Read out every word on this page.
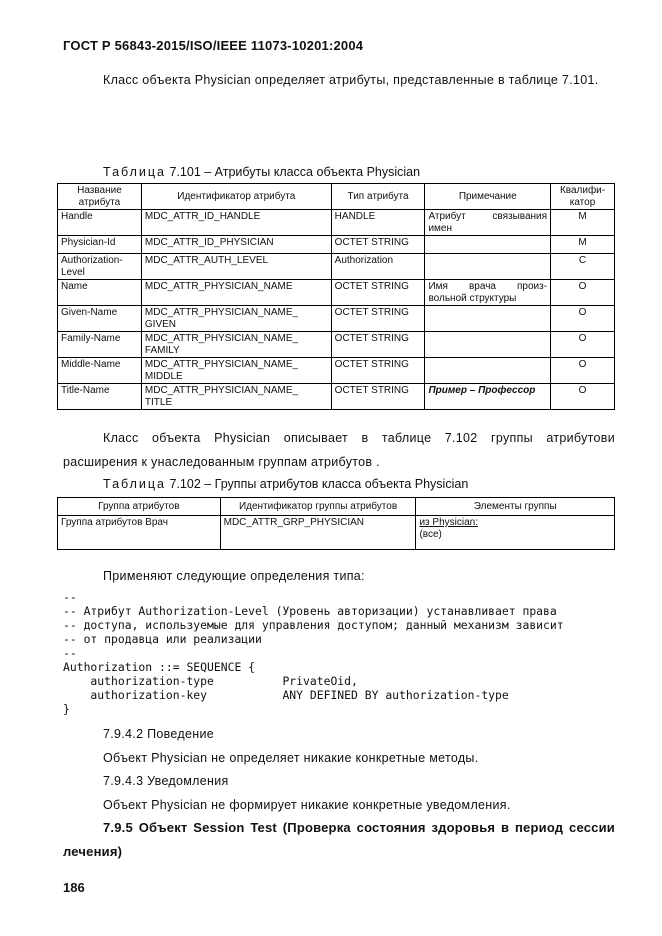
ГОСТ Р 56843-2015/ISO/IEEE 11073-10201:2004
Класс объекта Physician определяет атрибуты, представленные в таблице 7.101.
Таблица 7.101 – Атрибуты класса объекта Physician
Название атрибута	Идентификатор атрибута	Тип атрибута	Примечание	Квалифи-катор
Handle	MDC_ATTR_ID_HANDLE	HANDLE	Атрибут связывания имен	M
Physician-Id	MDC_ATTR_ID_PHYSICIAN	OCTET STRING		M
Authorization-Level	MDC_ATTR_AUTH_LEVEL	Authorization		C
Name	MDC_ATTR_PHYSICIAN_NAME	OCTET STRING	Имя врача произ-вольной структуры	O
Given-Name	MDC_ATTR_PHYSICIAN_NAME_ GIVEN	OCTET STRING		O
Family-Name	MDC_ATTR_PHYSICIAN_NAME_ FAMILY	OCTET STRING		O
Middle-Name	MDC_ATTR_PHYSICIAN_NAME_ MIDDLE	OCTET STRING		O
Title-Name	MDC_ATTR_PHYSICIAN_NAME_ TITLE	OCTET STRING	Пример – Профессор	O
Класс объекта Physician описывает в таблице 7.102 группы атрибутови расширения к унаследованным группам атрибутов .
Таблица 7.102 – Группы атрибутов класса объекта Physician
Группа атрибутов	Идентификатор группы атрибутов	Элементы группы
Группа атрибутов Врач	MDC_ATTR_GRP_PHYSICIAN	из Physician:
(все)
Применяют следующие определения типа:
--
-- Атрибут Authorization-Level (Уровень авторизации) устанавливает права
-- доступа, используемые для управления доступом; данный механизм зависит
-- от продавца или реализации
--
Authorization ::= SEQUENCE {
authorization-type          PrivateOid,
authorization-key           ANY DEFINED BY authorization-type
}
7.9.4.2 Поведение
Объект Physician не определяет никакие конкретные методы.
7.9.4.3 Уведомления
Объект Physician не формирует никакие конкретные уведомления.
7.9.5 Объект Session Test (Проверка состояния здоровья в период сессии лечения)
186
